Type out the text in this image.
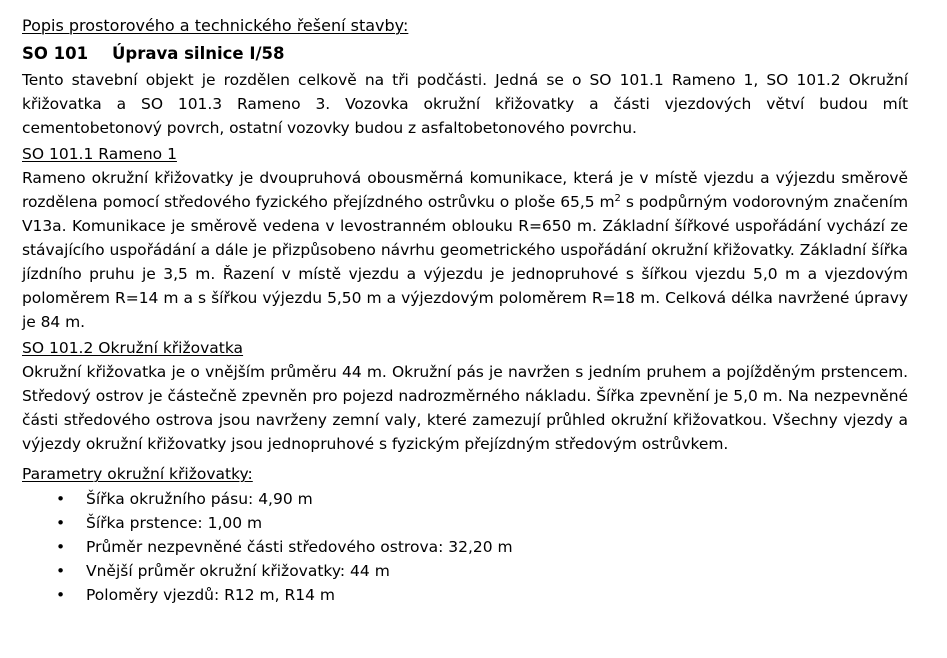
Popis prostorového a technického řešení stavby:
SO 101 Úprava silnice I/58

Tento stavební objekt je rozdělen celkově na tři podčásti. Jedná se o SO 101.1 Rameno 1, SO 101.2 Okružní křižovatka a SO 101.3 Rameno 3. Vozovka okružní křižovatky a části vjezdových větví budou mít cementobetonový povrch, ostatní vozovky budou z asfaltobetonového povrchu.

SO 101.1 Rameno 1

Rameno okružní křižovatky je dvoupruhová obousměrná komunikace, která je v místě vjezdu a výjezdu směrově rozdělena pomocí středového fyzického přejízdného ostrůvku o ploše 65,5 $m^2$ s podpůrným vodorovným značením V13a. Komunikace je směrově vedena v levostranném oblouku R=650 m. Základní šířkové uspořádání vychází ze stávajícího uspořádání a dále je přizpůsobeno návrhu geometrického uspořádání okružní křižovatky. Základní šířka jízdního pruhu je 3,5 m. Řazení v místě vjezdu a výjezdu je jednopruhové s šířkou vjezdu 5,0 m a vjezdovým poloměrem R=14 m a s šířkou výjezdu 5,50 m a výjezdovým poloměrem R=18 m. Celková délka navržené úpravy je 84 m.

SO 101.2 Okružní křižovatka

Okružní křižovatka je o vnějším průměru 44 m. Okružní pás je navržen s jedním pruhem a pojížděným prstencem. Středový ostrov je částečně zpevněn pro pojezd nadrozměrného nákladu. Šířka zpevnění je 5,0 m. Na nezpevněné části středového ostrova jsou navrženy zemní valy, které zamezují průhled okružní křižovatkou. Všechny vjezdy a výjezdy okružní křižovatky jsou jednopruhové s fyzickým přejízdným středovým ostrůvkem.

Parametry okružní křižovatky:
• Šířka okružního pásu: 4,90 m
• Šířka prstence: 1,00 m
• Průměr nezpevněné části středového ostrova: 32,20 m
• Vnější průměr okružní křižovatky: 44 m
• Poloměry vjezdů: R12 m, R14 m
